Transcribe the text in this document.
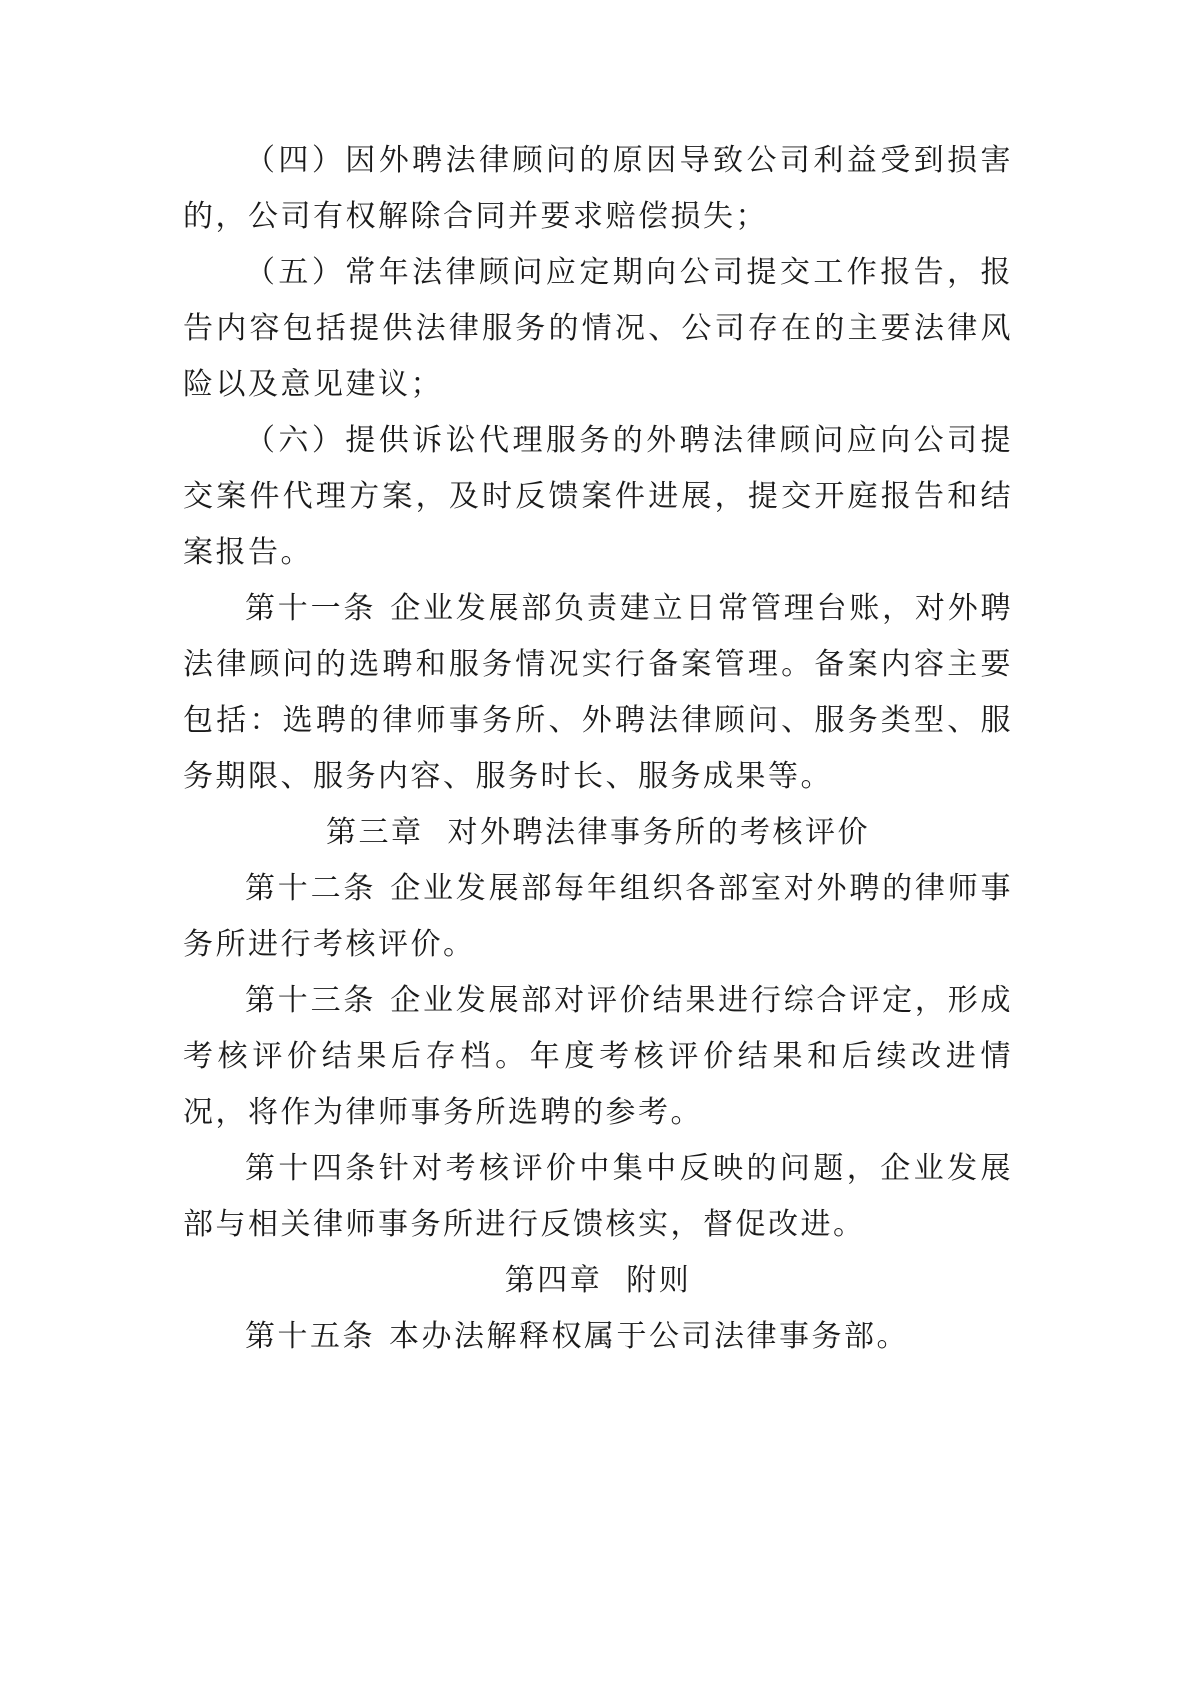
（四）因外聘法律顾问的原因导致公司利益受到损害的，公司有权解除合同并要求赔偿损失；

（五）常年法律顾问应定期向公司提交工作报告，报告内容包括提供法律服务的情况、公司存在的主要法律风险以及意见建议；

（六）提供诉讼代理服务的外聘法律顾问应向公司提交案件代理方案，及时反馈案件进展，提交开庭报告和结案报告。

第十一条 企业发展部负责建立日常管理台账，对外聘法律顾问的选聘和服务情况实行备案管理。备案内容主要包括：选聘的律师事务所、外聘法律顾问、服务类型、服务期限、服务内容、服务时长、服务成果等。

第三章  对外聘法律事务所的考核评价

第十二条 企业发展部每年组织各部室对外聘的律师事务所进行考核评价。

第十三条 企业发展部对评价结果进行综合评定，形成考核评价结果后存档。年度考核评价结果和后续改进情况，将作为律师事务所选聘的参考。

第十四条针对考核评价中集中反映的问题，企业发展部与相关律师事务所进行反馈核实，督促改进。

第四章  附则

第十五条 本办法解释权属于公司法律事务部。
